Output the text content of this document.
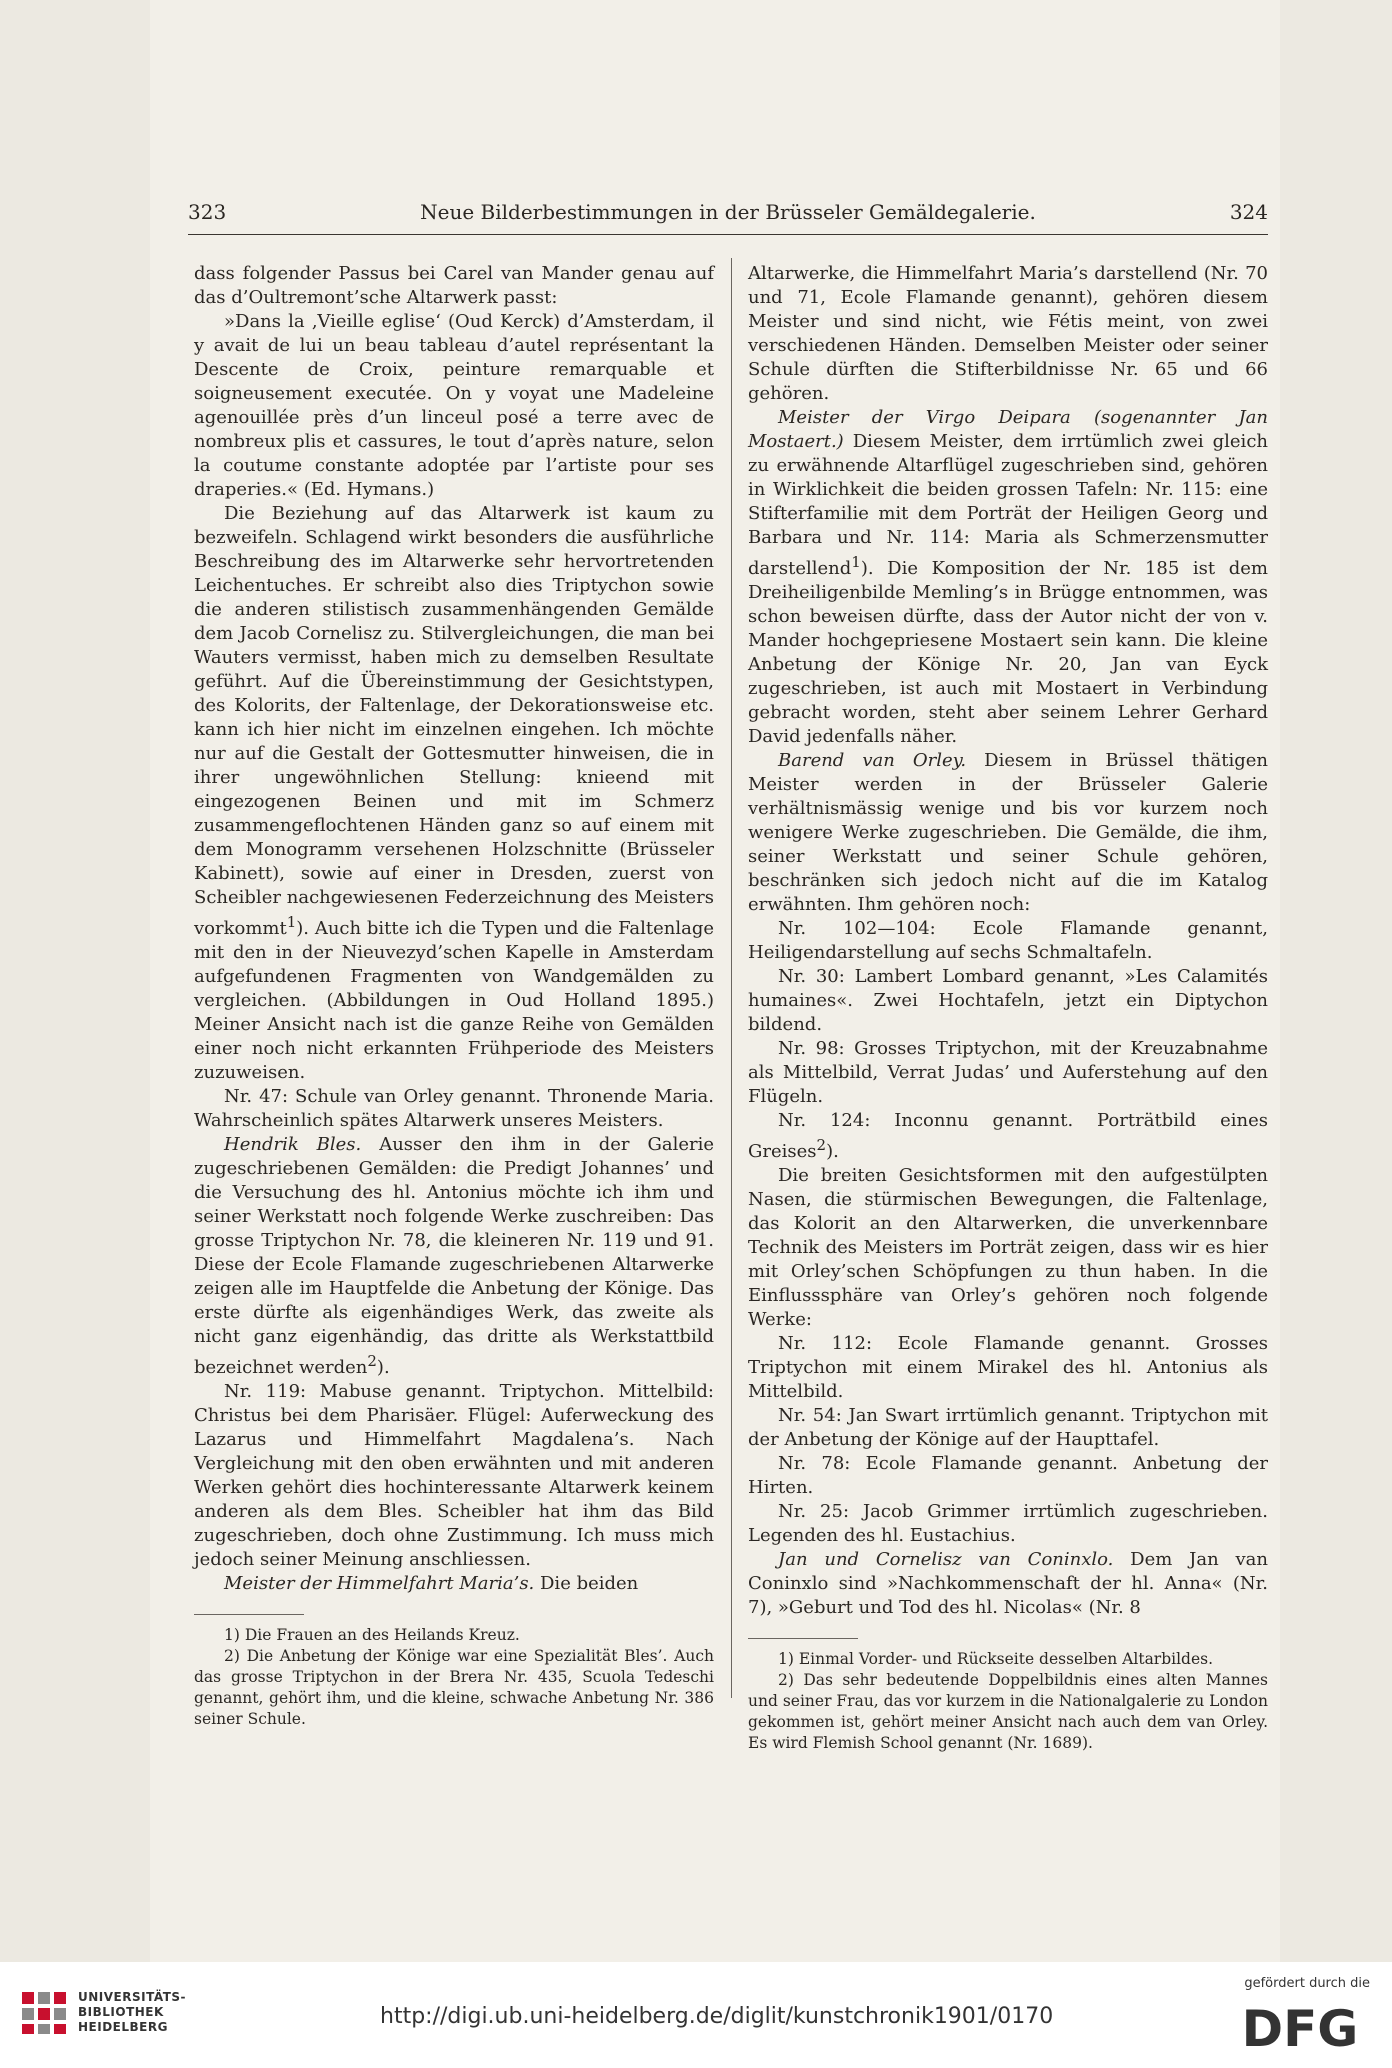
323	Neue Bilderbestimmungen in der Brüsseler Gemäldegalerie.	324

dass folgender Passus bei Carel van Mander genau auf das d’Oultremont’sche Altarwerk passt:

»Dans la ‚Vieille eglise‘ (Oud Kerck) d’Amsterdam, il y avait de lui un beau tableau d’autel représentant la Descente de Croix, peinture remarquable et soigneusement executée. On y voyat une Madeleine agenouillée près d’un linceul posé a terre avec de nombreux plis et cassures, le tout d’après nature, selon la coutume constante adoptée par l’artiste pour ses draperies.« (Ed. Hymans.)

Die Beziehung auf das Altarwerk ist kaum zu bezweifeln. Schlagend wirkt besonders die ausführliche Beschreibung des im Altarwerke sehr hervortretenden Leichentuches. Er schreibt also dies Triptychon sowie die anderen stilistisch zusammenhängenden Gemälde dem Jacob Cornelisz zu. Stilvergleichungen, die man bei Wauters vermisst, haben mich zu demselben Resultate geführt. Auf die Übereinstimmung der Gesichtstypen, des Kolorits, der Faltenlage, der Dekorationsweise etc. kann ich hier nicht im einzelnen eingehen. Ich möchte nur auf die Gestalt der Gottesmutter hinweisen, die in ihrer ungewöhnlichen Stellung: knieend mit eingezogenen Beinen und mit im Schmerz zusammengeflochtenen Händen ganz so auf einem mit dem Monogramm versehenen Holzschnitte (Brüsseler Kabinett), sowie auf einer in Dresden, zuerst von Scheibler nachgewiesenen Federzeichnung des Meisters vorkommt$^1$). Auch bitte ich die Typen und die Faltenlage mit den in der Nieuvezyd’schen Kapelle in Amsterdam aufgefundenen Fragmenten von Wandgemälden zu vergleichen. (Abbildungen in Oud Holland 1895.) Meiner Ansicht nach ist die ganze Reihe von Gemälden einer noch nicht erkannten Frühperiode des Meisters zuzuweisen.

Nr. 47: Schule van Orley genannt. Thronende Maria. Wahrscheinlich spätes Altarwerk unseres Meisters.

Hendrik Bles. Ausser den ihm in der Galerie zugeschriebenen Gemälden: die Predigt Johannes’ und die Versuchung des hl. Antonius möchte ich ihm und seiner Werkstatt noch folgende Werke zuschreiben: Das grosse Triptychon Nr. 78, die kleineren Nr. 119 und 91. Diese der Ecole Flamande zugeschriebenen Altarwerke zeigen alle im Hauptfelde die Anbetung der Könige. Das erste dürfte als eigenhändiges Werk, das zweite als nicht ganz eigenhändig, das dritte als Werkstattbild bezeichnet werden$^2$).

Nr. 119: Mabuse genannt. Triptychon. Mittelbild: Christus bei dem Pharisäer. Flügel: Auferweckung des Lazarus und Himmelfahrt Magdalena’s. Nach Vergleichung mit den oben erwähnten und mit anderen Werken gehört dies hochinteressante Altarwerk keinem anderen als dem Bles. Scheibler hat ihm das Bild zugeschrieben, doch ohne Zustimmung. Ich muss mich jedoch seiner Meinung anschliessen.

Meister der Himmelfahrt Maria’s. Die beiden

1) Die Frauen an des Heilands Kreuz.

2) Die Anbetung der Könige war eine Spezialität Bles’. Auch das grosse Triptychon in der Brera Nr. 435, Scuola Tedeschi genannt, gehört ihm, und die kleine, schwache Anbetung Nr. 386 seiner Schule.

Altarwerke, die Himmelfahrt Maria’s darstellend (Nr. 70 und 71, Ecole Flamande genannt), gehören diesem Meister und sind nicht, wie Fétis meint, von zwei verschiedenen Händen. Demselben Meister oder seiner Schule dürften die Stifterbildnisse Nr. 65 und 66 gehören.

Meister der Virgo Deipara (sogenannter Jan Mostaert.) Diesem Meister, dem irrtümlich zwei gleich zu erwähnende Altarflügel zugeschrieben sind, gehören in Wirklichkeit die beiden grossen Tafeln: Nr. 115: eine Stifterfamilie mit dem Porträt der Heiligen Georg und Barbara und Nr. 114: Maria als Schmerzensmutter darstellend$^1$). Die Komposition der Nr. 185 ist dem Dreiheiligenbilde Memling’s in Brügge entnommen, was schon beweisen dürfte, dass der Autor nicht der von v. Mander hochgepriesene Mostaert sein kann. Die kleine Anbetung der Könige Nr. 20, Jan van Eyck zugeschrieben, ist auch mit Mostaert in Verbindung gebracht worden, steht aber seinem Lehrer Gerhard David jedenfalls näher.

Barend van Orley. Diesem in Brüssel thätigen Meister werden in der Brüsseler Galerie verhältnismässig wenige und bis vor kurzem noch wenigere Werke zugeschrieben. Die Gemälde, die ihm, seiner Werkstatt und seiner Schule gehören, beschränken sich jedoch nicht auf die im Katalog erwähnten. Ihm gehören noch:

Nr. 102—104: Ecole Flamande genannt, Heiligendarstellung auf sechs Schmaltafeln.

Nr. 30: Lambert Lombard genannt, »Les Calamités humaines«. Zwei Hochtafeln, jetzt ein Diptychon bildend.

Nr. 98: Grosses Triptychon, mit der Kreuzabnahme als Mittelbild, Verrat Judas’ und Auferstehung auf den Flügeln.

Nr. 124: Inconnu genannt. Porträtbild eines Greises$^2$).

Die breiten Gesichtsformen mit den aufgestülpten Nasen, die stürmischen Bewegungen, die Faltenlage, das Kolorit an den Altarwerken, die unverkennbare Technik des Meisters im Porträt zeigen, dass wir es hier mit Orley’schen Schöpfungen zu thun haben. In die Einflusssphäre van Orley’s gehören noch folgende Werke:

Nr. 112: Ecole Flamande genannt. Grosses Triptychon mit einem Mirakel des hl. Antonius als Mittelbild.

Nr. 54: Jan Swart irrtümlich genannt. Triptychon mit der Anbetung der Könige auf der Haupttafel.

Nr. 78: Ecole Flamande genannt. Anbetung der Hirten.

Nr. 25: Jacob Grimmer irrtümlich zugeschrieben. Legenden des hl. Eustachius.

Jan und Cornelisz van Coninxlo. Dem Jan van Coninxlo sind »Nachkommenschaft der hl. Anna« (Nr. 7), »Geburt und Tod des hl. Nicolas« (Nr. 8

1) Einmal Vorder- und Rückseite desselben Altarbildes.

2) Das sehr bedeutende Doppelbildnis eines alten Mannes und seiner Frau, das vor kurzem in die Nationalgalerie zu London gekommen ist, gehört meiner Ansicht nach auch dem van Orley. Es wird Flemish School genannt (Nr. 1689).

UNIVERSITÄTS-
BIBLIOTHEK
HEIDELBERG	http://digi.ub.uni-heidelberg.de/diglit/kunstchronik1901/0170
gefördert durch die
DFG
